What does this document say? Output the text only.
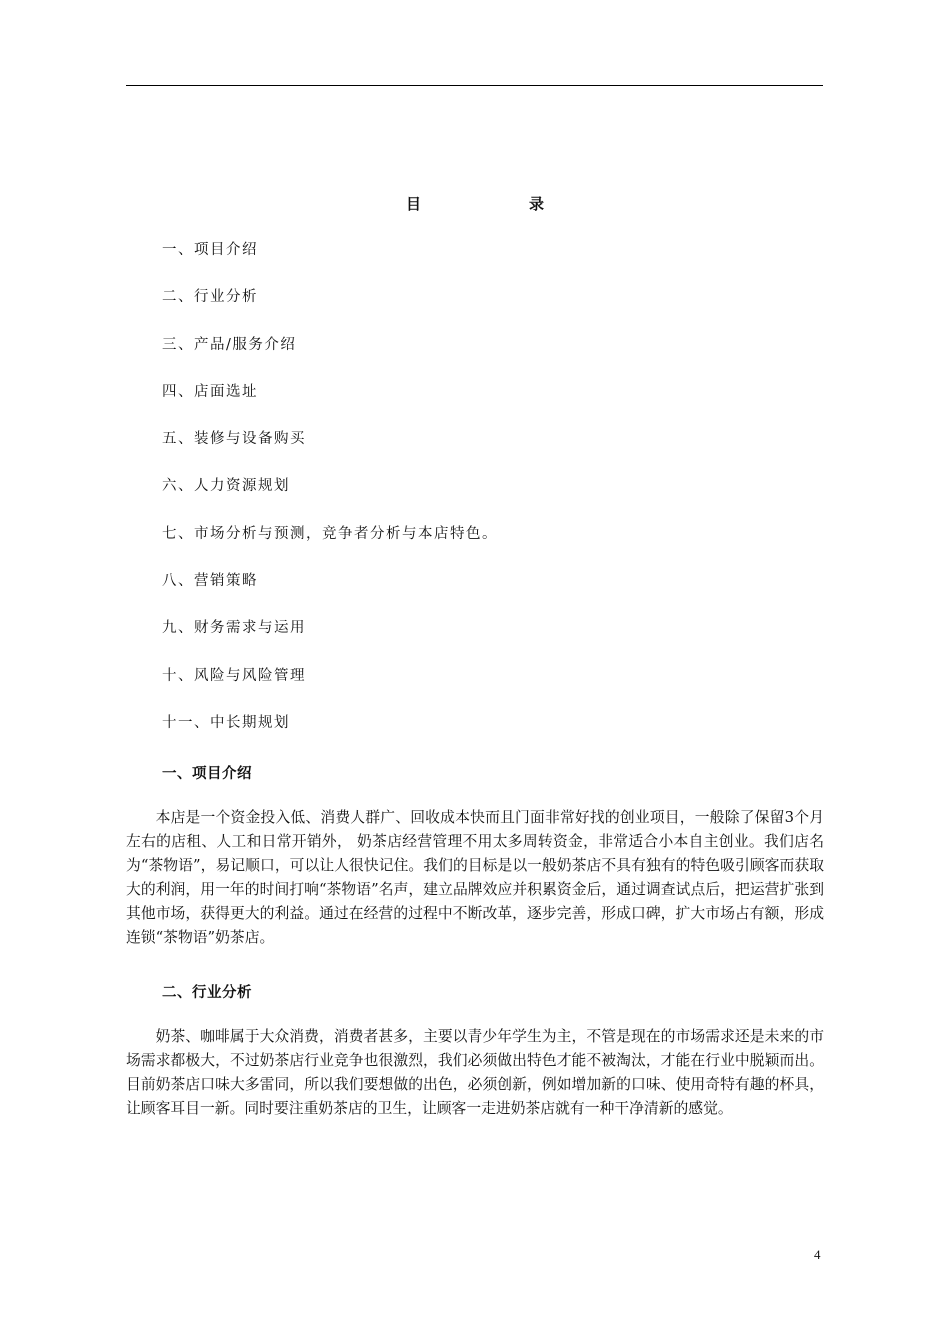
目	录
一、项目介绍
二、行业分析
三、产品/服务介绍
四、店面选址
五、装修与设备购买
六、人力资源规划
七、市场分析与预测，竞争者分析与本店特色。
八、营销策略
九、财务需求与运用
十、风险与风险管理
十一、中长期规划
一、项目介绍

本店是一个资金投入低、消费人群广、回收成本快而且门面非常好找的创业项目，一般除了保留3个月左右的店租、人工和日常开销外， 奶茶店经营管理不用太多周转资金，非常适合小本自主创业。我们店名为“茶物语”，易记顺口，可以让人很快记住。我们的目标是以一般奶茶店不具有独有的特色吸引顾客而获取大的利润，用一年的时间打响“茶物语”名声，建立品牌效应并积累资金后，通过调查试点后，把运营扩张到其他市场，获得更大的利益。通过在经营的过程中不断改革，逐步完善，形成口碑，扩大市场占有额，形成连锁“茶物语”奶茶店。

二、行业分析

奶茶、咖啡属于大众消费，消费者甚多，主要以青少年学生为主，不管是现在的市场需求还是未来的市场需求都极大，不过奶茶店行业竞争也很激烈，我们必须做出特色才能不被淘汰，才能在行业中脱颖而出。目前奶茶店口味大多雷同，所以我们要想做的出色，必须创新，例如增加新的口味、使用奇特有趣的杯具，让顾客耳目一新。同时要注重奶茶店的卫生，让顾客一走进奶茶店就有一种干净清新的感觉。

4
